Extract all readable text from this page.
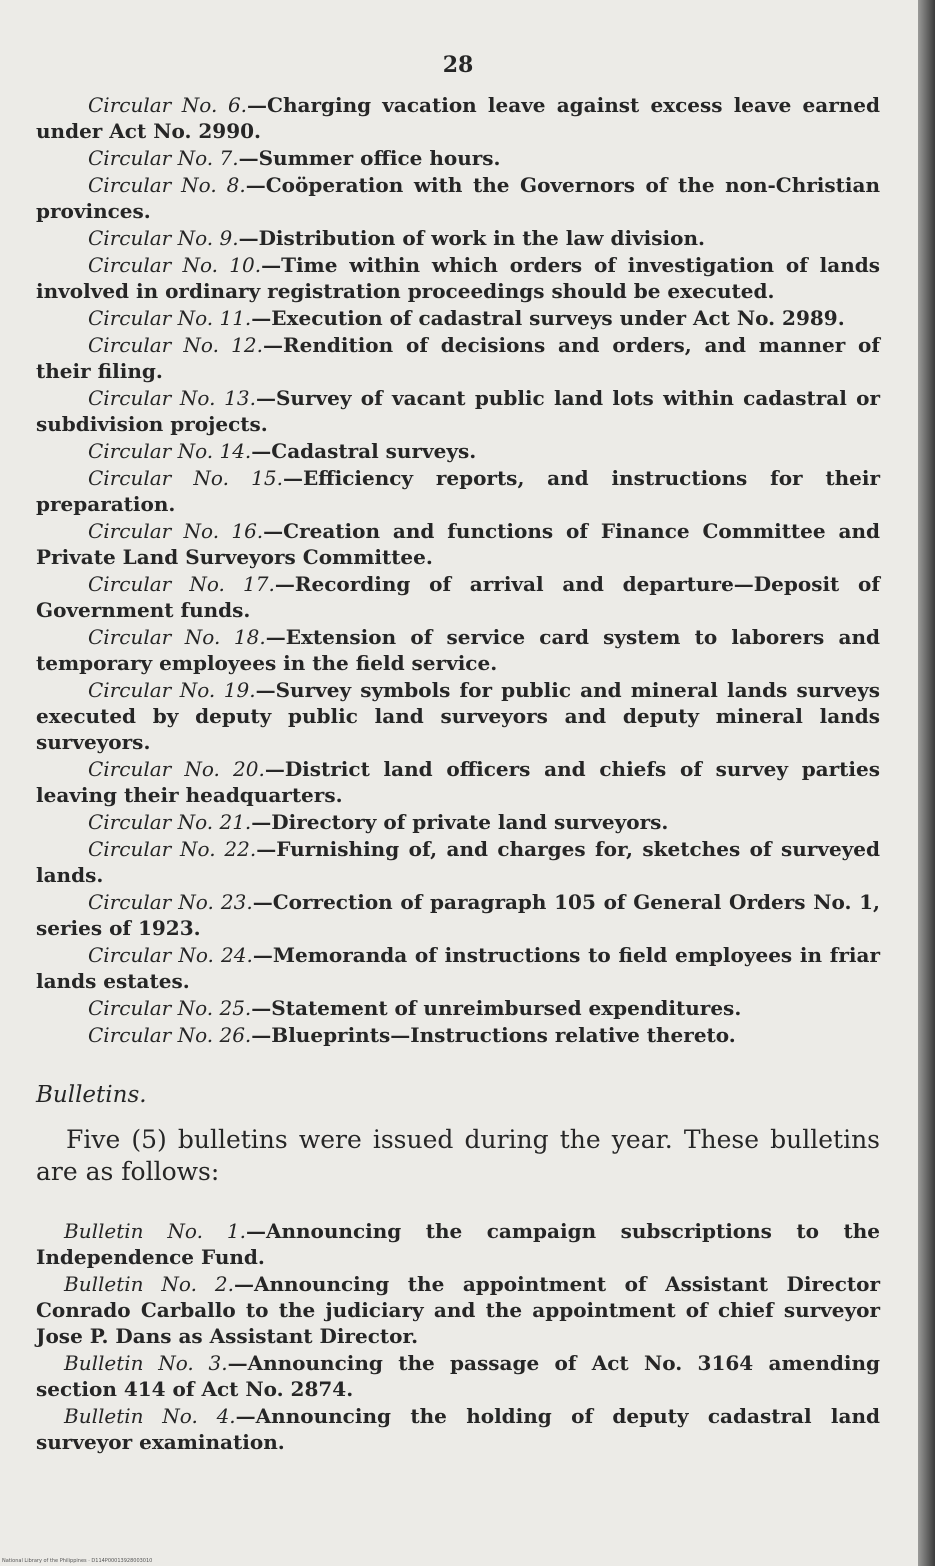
28

Circular No. 6.—Charging vacation leave against excess leave earned under Act No. 2990.

Circular No. 7.—Summer office hours.

Circular No. 8.—Coöperation with the Governors of the non-Christian provinces.

Circular No. 9.—Distribution of work in the law division.

Circular No. 10.—Time within which orders of investigation of lands involved in ordinary registration proceedings should be executed.

Circular No. 11.—Execution of cadastral surveys under Act No. 2989.

Circular No. 12.—Rendition of decisions and orders, and manner of their filing.

Circular No. 13.—Survey of vacant public land lots within cadastral or subdivision projects.

Circular No. 14.—Cadastral surveys.

Circular No. 15.—Efficiency reports, and instructions for their preparation.

Circular No. 16.—Creation and functions of Finance Committee and Private Land Surveyors Committee.

Circular No. 17.—Recording of arrival and departure—Deposit of Government funds.

Circular No. 18.—Extension of service card system to laborers and temporary employees in the field service.

Circular No. 19.—Survey symbols for public and mineral lands surveys executed by deputy public land surveyors and deputy mineral lands surveyors.

Circular No. 20.—District land officers and chiefs of survey parties leaving their headquarters.

Circular No. 21.—Directory of private land surveyors.

Circular No. 22.—Furnishing of, and charges for, sketches of surveyed lands.

Circular No. 23.—Correction of paragraph 105 of General Orders No. 1, series of 1923.

Circular No. 24.—Memoranda of instructions to field employees in friar lands estates.

Circular No. 25.—Statement of unreimbursed expenditures.

Circular No. 26.—Blueprints—Instructions relative thereto.

Bulletins.

Five (5) bulletins were issued during the year. These bulletins are as follows:

Bulletin No. 1.—Announcing the campaign subscriptions to the Independence Fund.

Bulletin No. 2.—Announcing the appointment of Assistant Director Conrado Carballo to the judiciary and the appointment of chief surveyor Jose P. Dans as Assistant Director.

Bulletin No. 3.—Announcing the passage of Act No. 3164 amending section 414 of Act No. 2874.

Bulletin No. 4.—Announcing the holding of deputy cadastral land surveyor examination.

National Library of the Philippines · D114P00013928003010
